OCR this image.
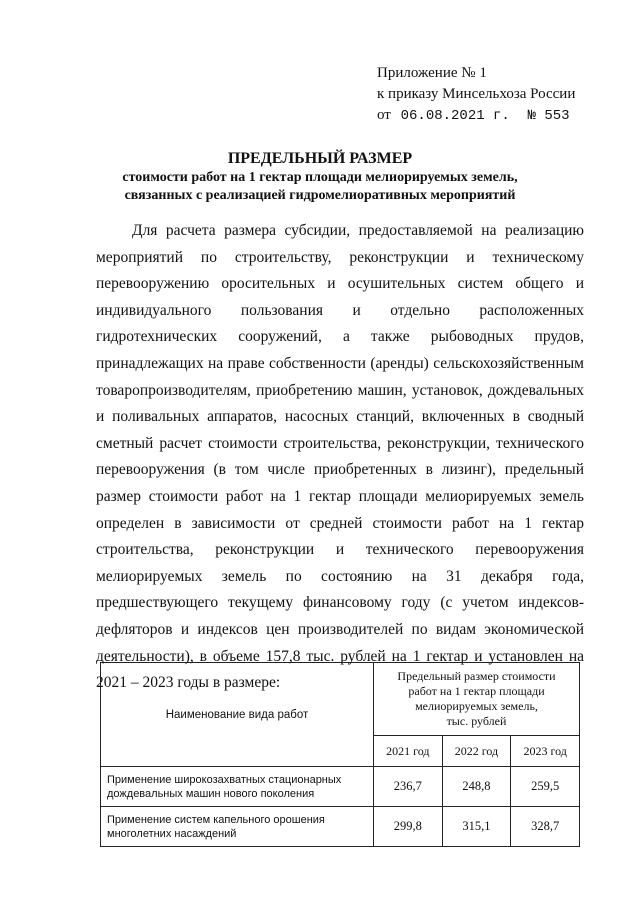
Приложение № 1
к приказу Минсельхоза России
от 06.08.2021 г. № 553
ПРЕДЕЛЬНЫЙ РАЗМЕР
стоимости работ на 1 гектар площади мелиорируемых земель,
связанных с реализацией гидромелиоративных мероприятий

Для расчета размера субсидии, предоставляемой на реализацию мероприятий по строительству, реконструкции и техническому перевооружению оросительных и осушительных систем общего и индивидуального пользования и отдельно расположенных гидротехнических сооружений, а также рыбоводных прудов, принадлежащих на праве собственности (аренды) сельскохозяйственным товаропроизводителям, приобретению машин, установок, дождевальных и поливальных аппаратов, насосных станций, включенных в сводный сметный расчет стоимости строительства, реконструкции, технического перевооружения (в том числе приобретенных в лизинг), предельный размер стоимости работ на 1 гектар площади мелиорируемых земель определен в зависимости от средней стоимости работ на 1 гектар строительства, реконструкции и технического перевооружения мелиорируемых земель по состоянию на 31 декабря года, предшествующего текущему финансовому году (с учетом индексов-дефляторов и индексов цен производителей по видам экономической деятельности), в объеме 157,8 тыс. рублей на 1 гектар и установлен на 2021 – 2023 годы в размере:

Наименование вида работ	Предельный размер стоимости
работ на 1 гектар площади
мелиорируемых земель,
тыс. рублей		

	2021 год	2022 год	2023 год
Применение широкозахватных стационарных дождевальных машин нового поколения	236,7	248,8	259,5
Применение систем капельного орошения многолетних насаждений	299,8	315,1	328,7
